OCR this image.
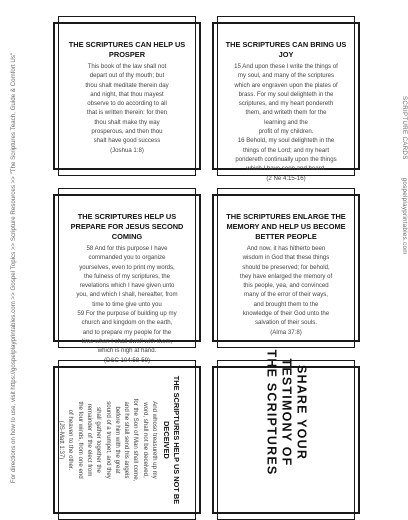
For directions on how to use, visit https://gospelplayprintables.com >> Gospel Topics >> Scripture Resources >> "The Scriptures Teach, Guide & Comfort Us"	SCRIPTURE CARDSgospelplayprintables.com
THE SCRIPTURES CAN HELP US PROSPER
This book of the law shall not
depart out of thy mouth; but
thou shalt meditate therein day
and night, that thou mayest
observe to do according to all
that is written therein: for then
thou shalt make thy way
prosperous, and then thou
shalt have good success
(Joshua 1:8)
THE SCRIPTURES CAN BRING US JOY
15 And upon these I write the things of
my soul, and many of the scriptures
which are engraven upon the plates of
brass. For my soul delighteth in the
scriptures, and my heart pondereth
them, and writeth them for the
learning and the
profit of my children.
16 Behold, my soul delighteth in the
things of the Lord; and my heart
pondereth continually upon the things
which I have seen and heard.
(2 Ne 4:15-16)
THE SCRIPTURES HELP US PREPARE FOR JESUS SECOND COMING
58 And for this purpose I have
commanded you to organize
yourselves, even to print my words,
the fulness of my scriptures, the
revelations which I have given unto
you, and which I shall, hereafter, from
time to time give unto you
59 For the purpose of building up my
church and kingdom on the earth,
and to prepare my people for the
time when I shall dwell with them,
which is nigh at hand.
(D&C 104:58-59)
THE SCRIPTURES ENLARGE THE MEMORY AND HELP US BECOME BETTER PEOPLE
And now, it has hitherto been
wisdom in God that these things
should be preserved; for behold,
they have enlarged the memory of
this people, yea, and convinced
many of the error of their ways,
and brought them to the
knowledge of their God unto the
salvation of their souls.
(Alma 37:8)
THE SCRIPTURES HELP US NOT BE DECEIVED
And whoso treasureth up my
word, shall not be deceived,
for the Son of Man shall come,
and he shall send his angels
before him with the great
sound of a trumpet, and they
shall gather together the
remainder of the elect from
the four winds, from one end
of heaven to the other.
(JS-Matt 1:37)	SHARE YOUR TESTIMONY OF THE SCRIPTURES
